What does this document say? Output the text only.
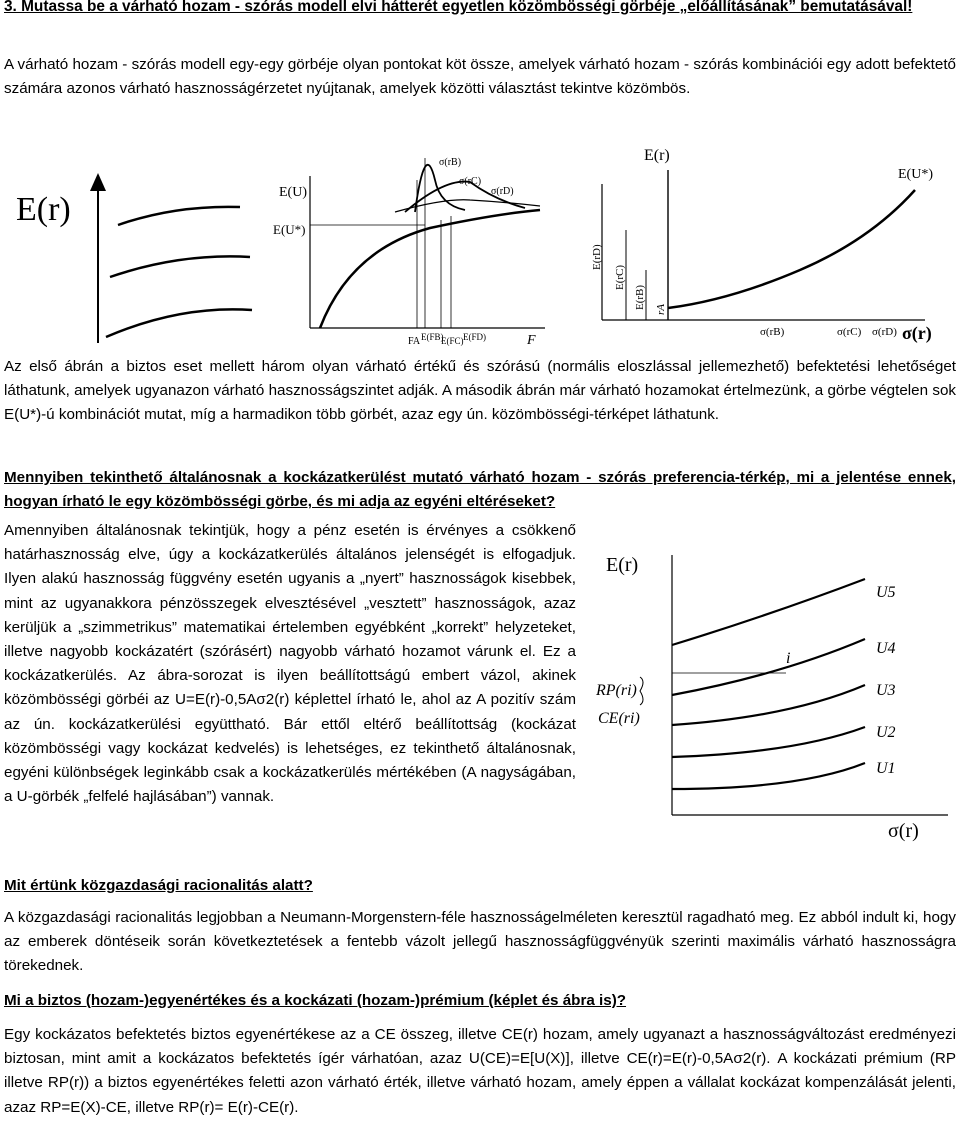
3. Mutassa be a várható hozam - szórás modell elvi hátterét egyetlen közömbösségi görbéje „előállításának” bemutatásával!

A várható hozam - szórás modell egy-egy görbéje olyan pontokat köt össze, amelyek várható hozam - szórás kombinációi egy adott befektető számára azonos várható hasznosságérzetet nyújtanak, amelyek közötti választást tekintve közömbös.

E(r)	E(U)
E(U*)
σ(rB)
σ(rC)
σ(rD)
FA E(FB)
E(FC) E(FD)	F
E(r)
E(U*)
E(rD)
E(rC)
E(rB) rA
σ(rB)	σ(rC) σ(rD) σ(r)

Az első ábrán a biztos eset mellett három olyan várható értékű és szórású (normális eloszlással jellemezhető) befektetési lehetőséget láthatunk, amelyek ugyanazon várható hasznosságszintet adják. A második ábrán már várható hozamokat értelmezünk, a görbe végtelen sok E(U*)-ú kombinációt mutat, míg a harmadikon több görbét, azaz egy ún. közömbösségi-térképet láthatunk.

Mennyiben tekinthető általánosnak a kockázatkerülést mutató várható hozam - szórás preferencia-térkép, mi a jelentése ennek, hogyan írható le egy közömbösségi görbe, és mi adja az egyéni eltéréseket?

Amennyiben általánosnak tekintjük, hogy a pénz esetén is érvényes a csökkenő határhasznosság elve, úgy a kockázatkerülés általános jelenségét is elfogadjuk. Ilyen alakú hasznosság függvény esetén ugyanis a „nyert” hasznosságok kisebbek, mint az ugyanakkora pénzösszegek elvesztésével „vesztett” hasznosságok, azaz kerüljük a „szimmetrikus” matematikai értelemben egyébként „korrekt” helyzeteket, illetve nagyobb kockázatért (szórásért) nagyobb várható hozamot várunk el. Ez a kockázatkerülés. Az ábra-sorozat is ilyen beállítottságú embert vázol, akinek közömbösségi görbéi az U=E(r)-0,5Aσ2(r) képlettel írható le, ahol az A pozitív szám az ún. kockázatkerülési együttható. Bár ettől eltérő beállítottság (kockázat közömbösségi vagy kockázat kedvelés) is lehetséges, ez tekinthető általánosnak, egyéni különbségek leginkább csak a kockázatkerülés mértékében (A nagyságában, a U-görbék „felfelé hajlásában”) vannak.

E(r)
i
RP(ri)
CE(ri)
U5
U4
U3
U2
U1
σ(r)

Mit értünk közgazdasági racionalitás alatt?

A közgazdasági racionalitás legjobban a Neumann-Morgenstern-féle hasznosságelméleten keresztül ragadható meg. Ez abból indult ki, hogy az emberek döntéseik során következtetések a fentebb vázolt jellegű hasznosságfüggvényük szerinti maximális várható hasznosságra törekednek.

Mi a biztos (hozam-)egyenértékes és a kockázati (hozam-)prémium (képlet és ábra is)?

Egy kockázatos befektetés biztos egyenértékese az a CE összeg, illetve CE(r) hozam, amely ugyanazt a hasznosságváltozást eredményezi biztosan, mint amit a kockázatos befektetés ígér várhatóan, azaz U(CE)=E[U(X)], illetve CE(r)=E(r)-0,5Aσ2(r). A kockázati prémium (RP illetve RP(r)) a biztos egyenértékes feletti azon várható érték, illetve várható hozam, amely éppen a vállalat kockázat kompenzálását jelenti, azaz RP=E(X)-CE, illetve RP(r)= E(r)-CE(r).
